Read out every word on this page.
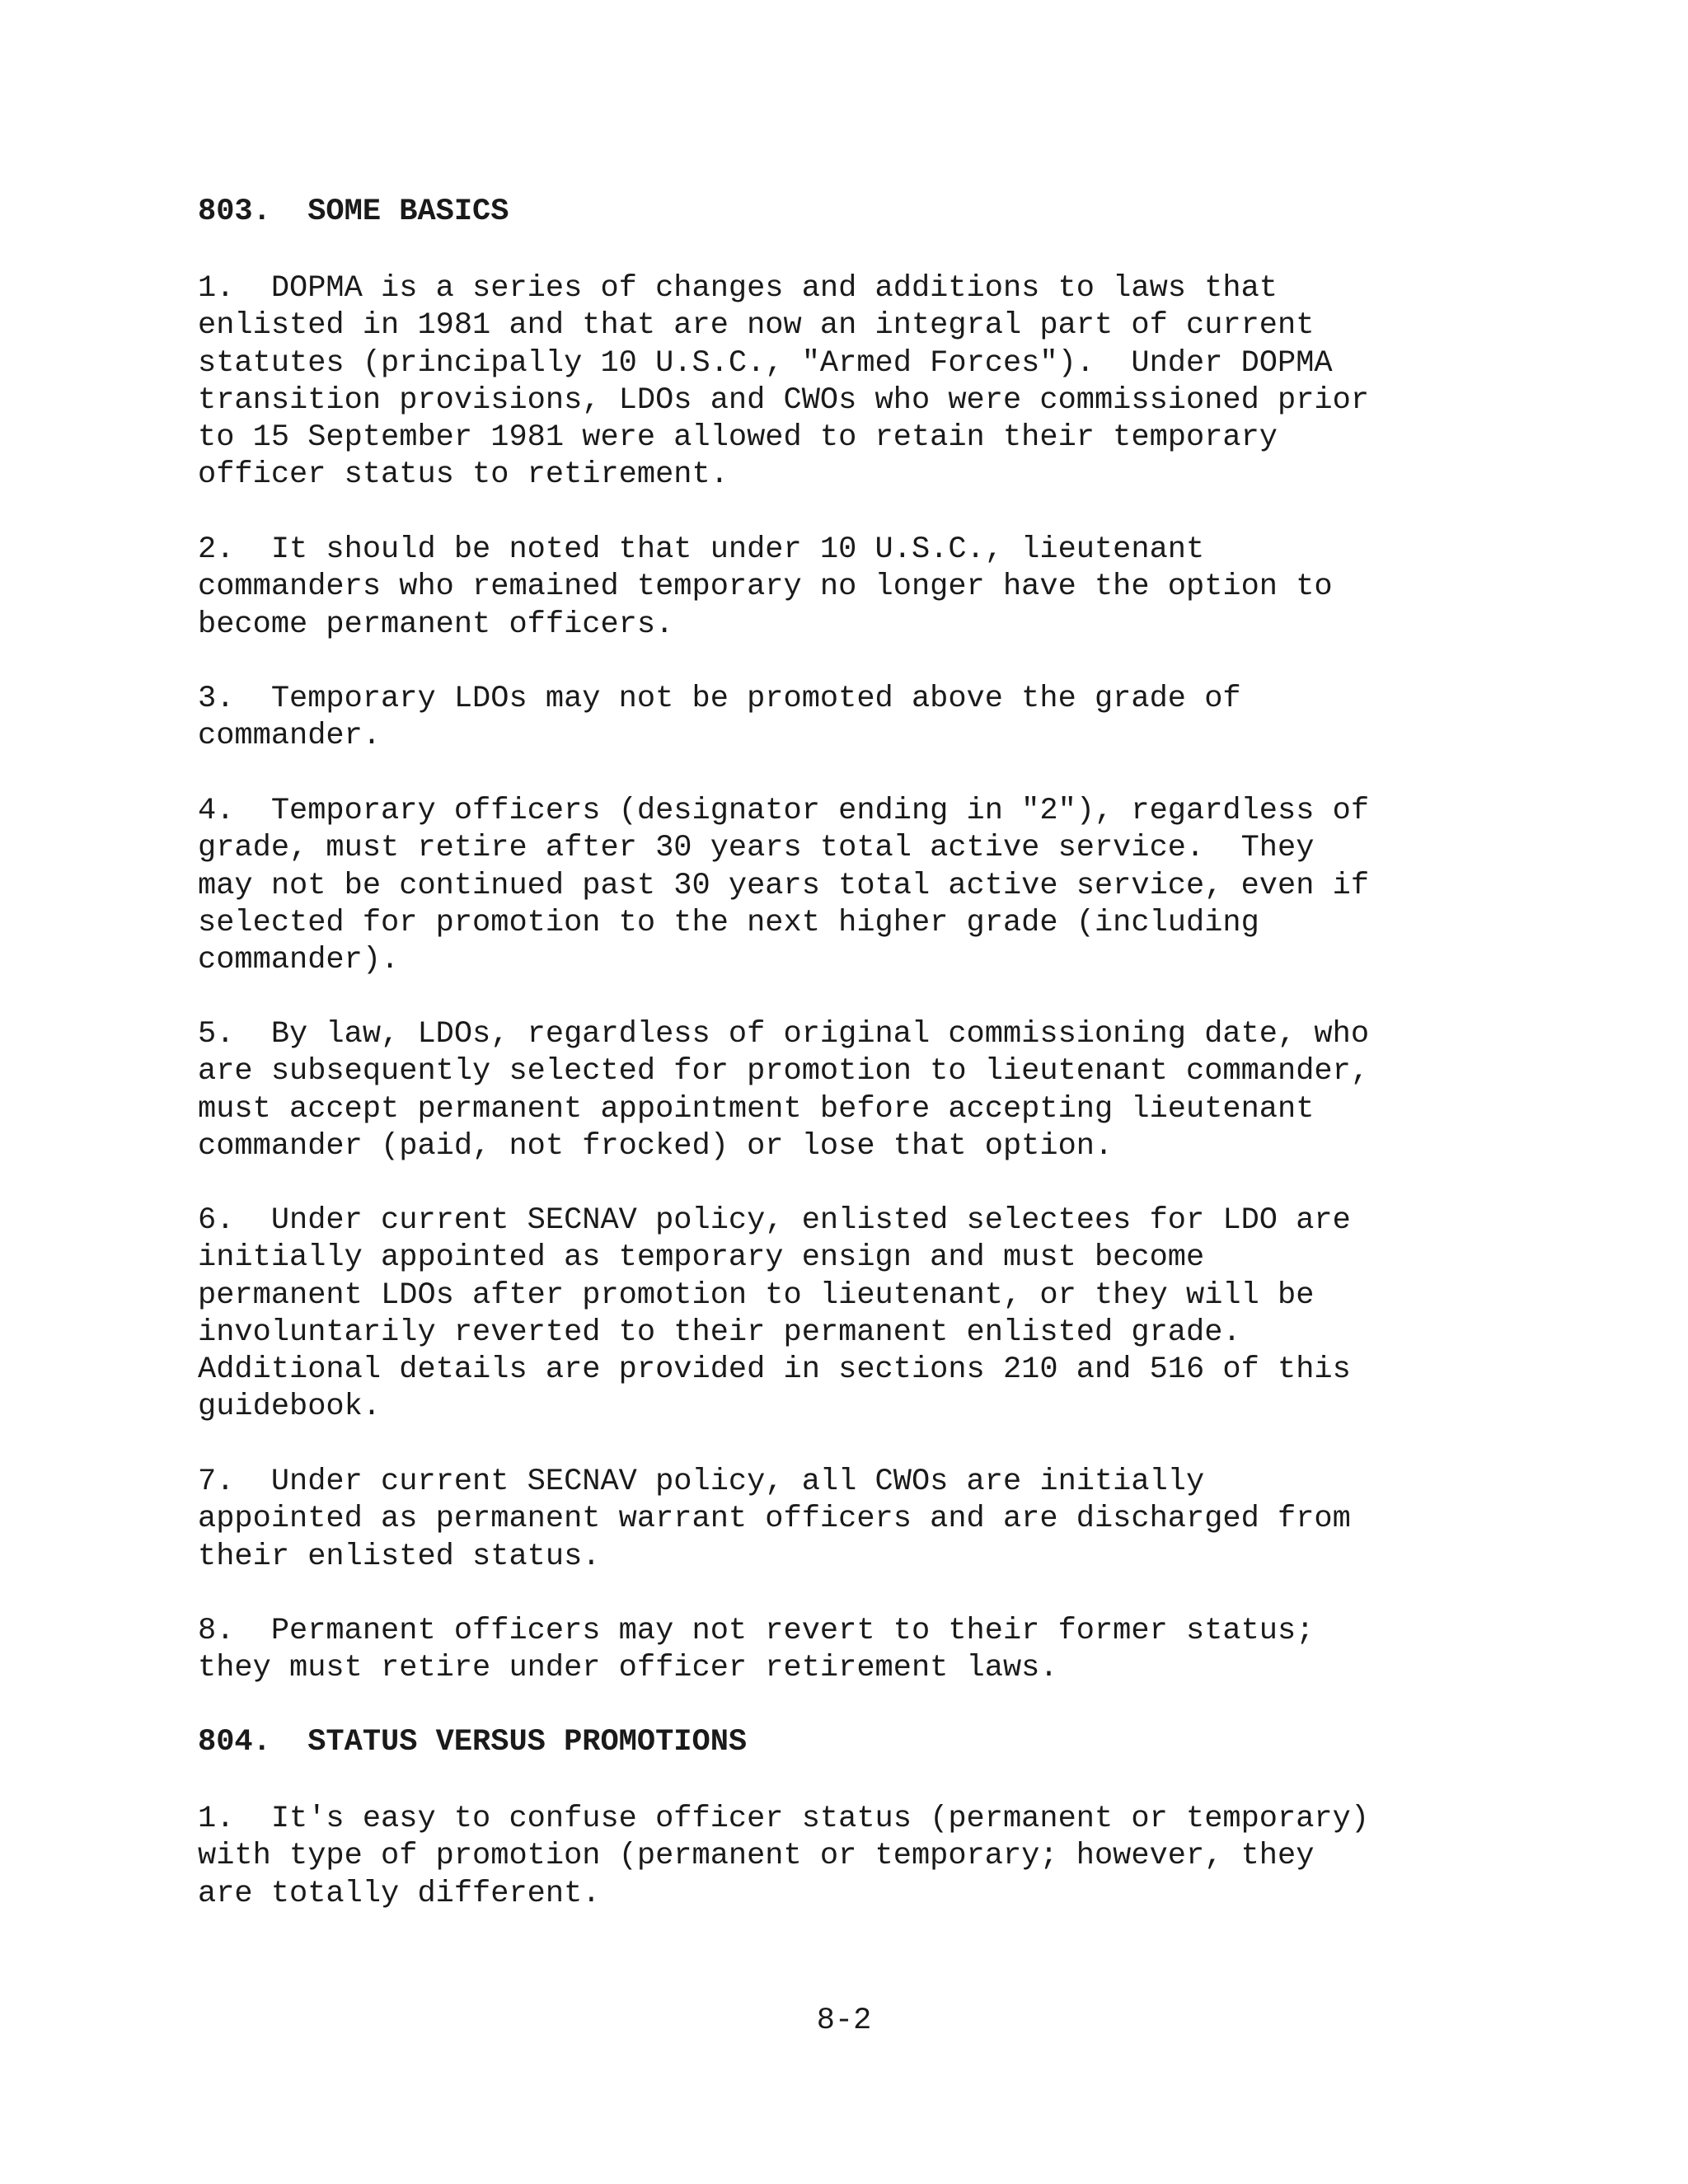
803.  SOME BASICS

1.  DOPMA is a series of changes and additions to laws that
enlisted in 1981 and that are now an integral part of current
statutes (principally 10 U.S.C., "Armed Forces").  Under DOPMA
transition provisions, LDOs and CWOs who were commissioned prior
to 15 September 1981 were allowed to retain their temporary
officer status to retirement.

2.  It should be noted that under 10 U.S.C., lieutenant
commanders who remained temporary no longer have the option to
become permanent officers.

3.  Temporary LDOs may not be promoted above the grade of
commander.

4.  Temporary officers (designator ending in "2"), regardless of
grade, must retire after 30 years total active service.  They
may not be continued past 30 years total active service, even if
selected for promotion to the next higher grade (including
commander).

5.  By law, LDOs, regardless of original commissioning date, who
are subsequently selected for promotion to lieutenant commander,
must accept permanent appointment before accepting lieutenant
commander (paid, not frocked) or lose that option.

6.  Under current SECNAV policy, enlisted selectees for LDO are
initially appointed as temporary ensign and must become
permanent LDOs after promotion to lieutenant, or they will be
involuntarily reverted to their permanent enlisted grade.
Additional details are provided in sections 210 and 516 of this
guidebook.

7.  Under current SECNAV policy, all CWOs are initially
appointed as permanent warrant officers and are discharged from
their enlisted status.

8.  Permanent officers may not revert to their former status;
they must retire under officer retirement laws.

804.  STATUS VERSUS PROMOTIONS

1.  It's easy to confuse officer status (permanent or temporary)
with type of promotion (permanent or temporary; however, they
are totally different.

8-2
